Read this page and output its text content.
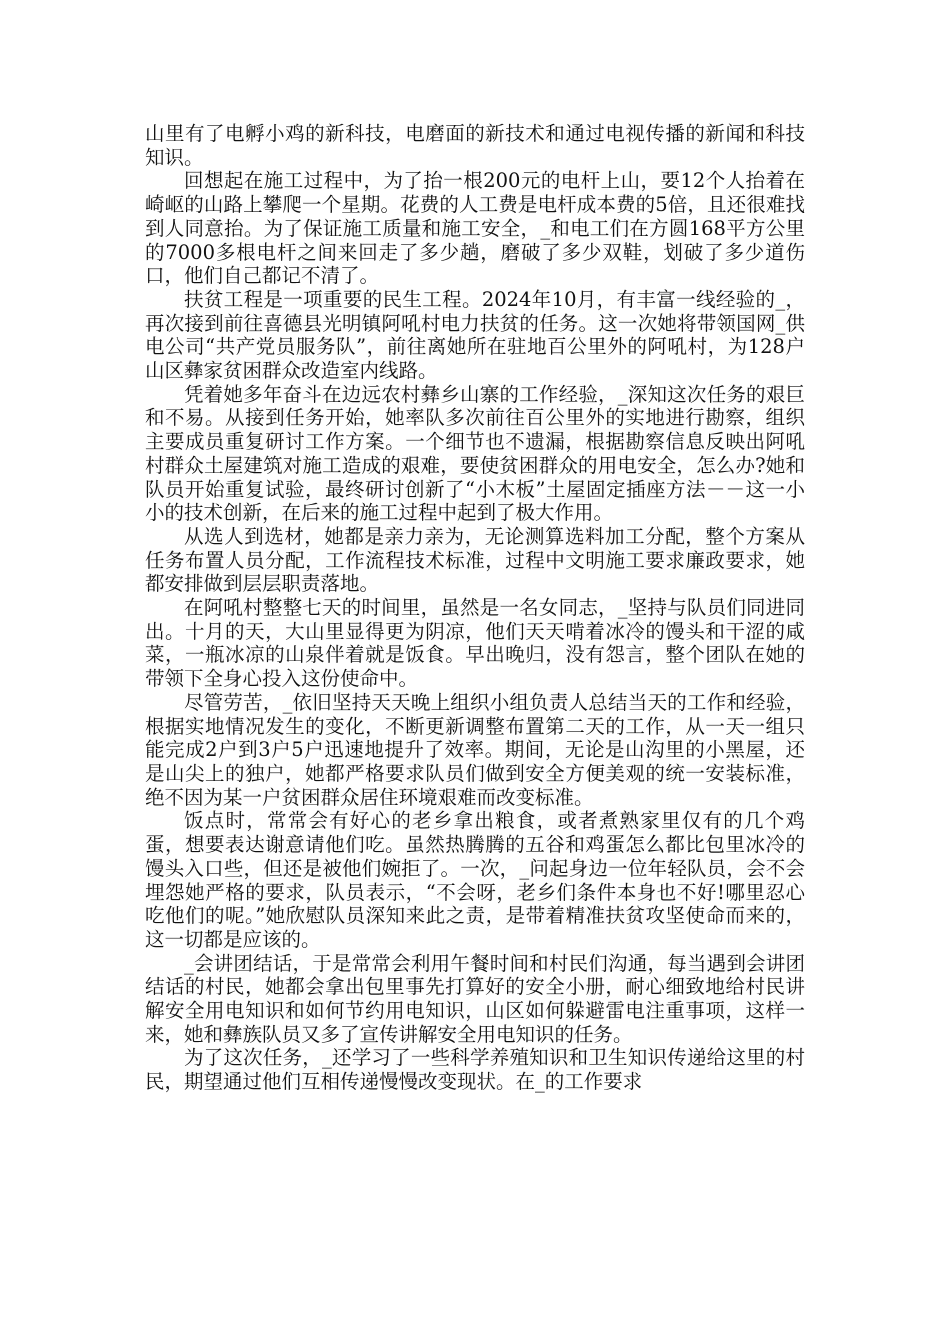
山里有了电孵小鸡的新科技，电磨面的新技术和通过电视传播的新闻和科技知识。

回想起在施工过程中，为了抬一根200元的电杆上山，要12个人抬着在崎岖的山路上攀爬一个星期。花费的人工费是电杆成本费的5倍，且还很难找到人同意抬。为了保证施工质量和施工安全，_和电工们在方圆168平方公里的7000多根电杆之间来回走了多少趟，磨破了多少双鞋，划破了多少道伤口，他们自己都记不清了。

扶贫工程是一项重要的民生工程。2024年10月，有丰富一线经验的_，再次接到前往喜德县光明镇阿吼村电力扶贫的任务。这一次她将带领国网_供电公司“共产党员服务队”，前往离她所在驻地百公里外的阿吼村，为128户山区彝家贫困群众改造室内线路。

凭着她多年奋斗在边远农村彝乡山寨的工作经验，_深知这次任务的艰巨和不易。从接到任务开始，她率队多次前往百公里外的实地进行勘察，组织主要成员重复研讨工作方案。一个细节也不遗漏，根据勘察信息反映出阿吼村群众土屋建筑对施工造成的艰难，要使贫困群众的用电安全，怎么办?她和队员开始重复试验，最终研讨创新了“小木板”土屋固定插座方法－－这一小小的技术创新，在后来的施工过程中起到了极大作用。

从选人到选材，她都是亲力亲为，无论测算选料加工分配，整个方案从任务布置人员分配，工作流程技术标准，过程中文明施工要求廉政要求，她都安排做到层层职责落地。

在阿吼村整整七天的时间里，虽然是一名女同志，_坚持与队员们同进同出。十月的天，大山里显得更为阴凉，他们天天啃着冰冷的馒头和干涩的咸菜，一瓶冰凉的山泉伴着就是饭食。早出晚归，没有怨言，整个团队在她的带领下全身心投入这份使命中。

尽管劳苦，_依旧坚持天天晚上组织小组负责人总结当天的工作和经验，根据实地情况发生的变化，不断更新调整布置第二天的工作，从一天一组只能完成2户到3户5户迅速地提升了效率。期间，无论是山沟里的小黑屋，还是山尖上的独户，她都严格要求队员们做到安全方便美观的统一安装标准，绝不因为某一户贫困群众居住环境艰难而改变标准。

饭点时，常常会有好心的老乡拿出粮食，或者煮熟家里仅有的几个鸡蛋，想要表达谢意请他们吃。虽然热腾腾的五谷和鸡蛋怎么都比包里冰冷的馒头入口些，但还是被他们婉拒了。一次，_问起身边一位年轻队员，会不会埋怨她严格的要求，队员表示，“不会呀，老乡们条件本身也不好!哪里忍心吃他们的呢。”她欣慰队员深知来此之责，是带着精准扶贫攻坚使命而来的，这一切都是应该的。

_会讲团结话，于是常常会利用午餐时间和村民们沟通，每当遇到会讲团结话的村民，她都会拿出包里事先打算好的安全小册，耐心细致地给村民讲解安全用电知识和如何节约用电知识，山区如何躲避雷电注重事项，这样一来，她和彝族队员又多了宣传讲解安全用电知识的任务。

为了这次任务，_还学习了一些科学养殖知识和卫生知识传递给这里的村民，期望通过他们互相传递慢慢改变现状。在_的工作要求
